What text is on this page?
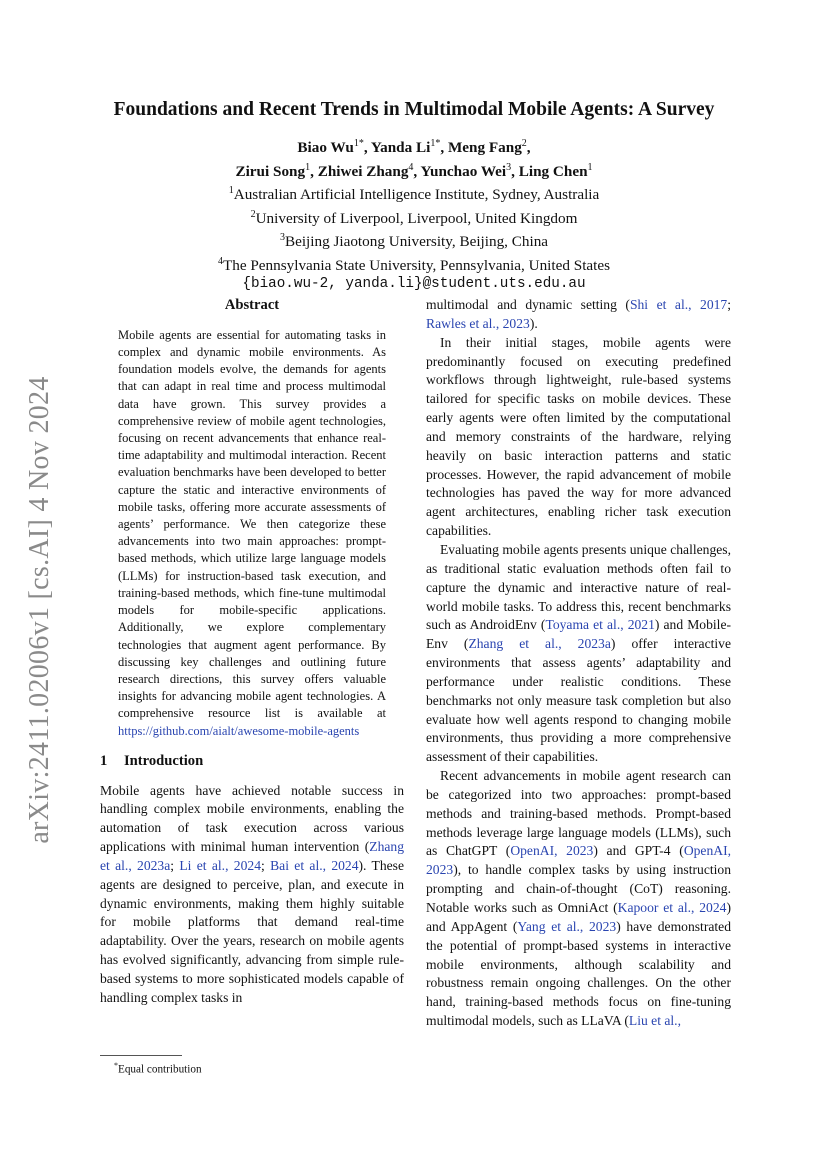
arXiv:2411.02006v1 [cs.AI] 4 Nov 2024
Foundations and Recent Trends in Multimodal Mobile Agents: A Survey
Biao $Wu^{1*}$, Yanda $Li^{1*}$, Meng Fang$^2$,
Zirui Song$^1$, Zhiwei Zhang$^4$, Yunchao Wei$^3$, Ling Chen$^1$
$^1$Australian Artificial Intelligence Institute, Sydney, Australia
$^2$University of Liverpool, Liverpool, United Kingdom
$^3$Beijing Jiaotong University, Beijing, China
$^4$The Pennsylvania State University, Pennsylvania, United States
{biao.wu-2, yanda.li}@student.uts.edu.au
Abstract
Mobile agents are essential for automating tasks in complex and dynamic mobile environments. As foundation models evolve, the demands for agents that can adapt in real time and process multimodal data have grown. This survey provides a comprehensive review of mobile agent technologies, focusing on recent advancements that enhance real-time adaptability and multimodal interaction. Recent evaluation benchmarks have been developed to better capture the static and interactive environments of mobile tasks, offering more accurate assessments of agents’ performance. We then categorize these advancements into two main approaches: prompt-based methods, which utilize large language models (LLMs) for instruction-based task execution, and training-based methods, which fine-tune multimodal models for mobile-specific applications. Additionally, we explore complementary technologies that augment agent performance. By discussing key challenges and outlining future research directions, this survey offers valuable insights for advancing mobile agent technologies. A comprehensive resource list is available at https://github.com/aialt/awesome-mobile-agents
1 Introduction

Mobile agents have achieved notable success in handling complex mobile environments, enabling the automation of task execution across various applications with minimal human intervention (Zhang et al., 2023a; Li et al., 2024; Bai et al., 2024). These agents are designed to perceive, plan, and execute in dynamic environments, making them highly suitable for mobile platforms that demand real-time adaptability. Over the years, research on mobile agents has evolved significantly, advancing from simple rule-based systems to more sophisticated models capable of handling complex tasks in

multimodal and dynamic setting (Shi et al., 2017; Rawles et al., 2023).

In their initial stages, mobile agents were predominantly focused on executing predefined workflows through lightweight, rule-based systems tailored for specific tasks on mobile devices. These early agents were often limited by the computational and memory constraints of the hardware, relying heavily on basic interaction patterns and static processes. However, the rapid advancement of mobile technologies has paved the way for more advanced agent architectures, enabling richer task execution capabilities.

Evaluating mobile agents presents unique challenges, as traditional static evaluation methods often fail to capture the dynamic and interactive nature of real-world mobile tasks. To address this, recent benchmarks such as AndroidEnv (Toyama et al., 2021) and Mobile-Env (Zhang et al., 2023a) offer interactive environments that assess agents’ adaptability and performance under realistic conditions. These benchmarks not only measure task completion but also evaluate how well agents respond to changing mobile environments, thus providing a more comprehensive assessment of their capabilities.

Recent advancements in mobile agent research can be categorized into two approaches: prompt-based methods and training-based methods. Prompt-based methods leverage large language models (LLMs), such as ChatGPT (OpenAI, 2023) and GPT-4 (OpenAI, 2023), to handle complex tasks by using instruction prompting and chain-of-thought (CoT) reasoning. Notable works such as OmniAct (Kapoor et al., 2024) and AppAgent (Yang et al., 2023) have demonstrated the potential of prompt-based systems in interactive mobile environments, although scalability and robustness remain ongoing challenges. On the other hand, training-based methods focus on fine-tuning multimodal models, such as LLaVA (Liu et al.,

*Equal contribution
